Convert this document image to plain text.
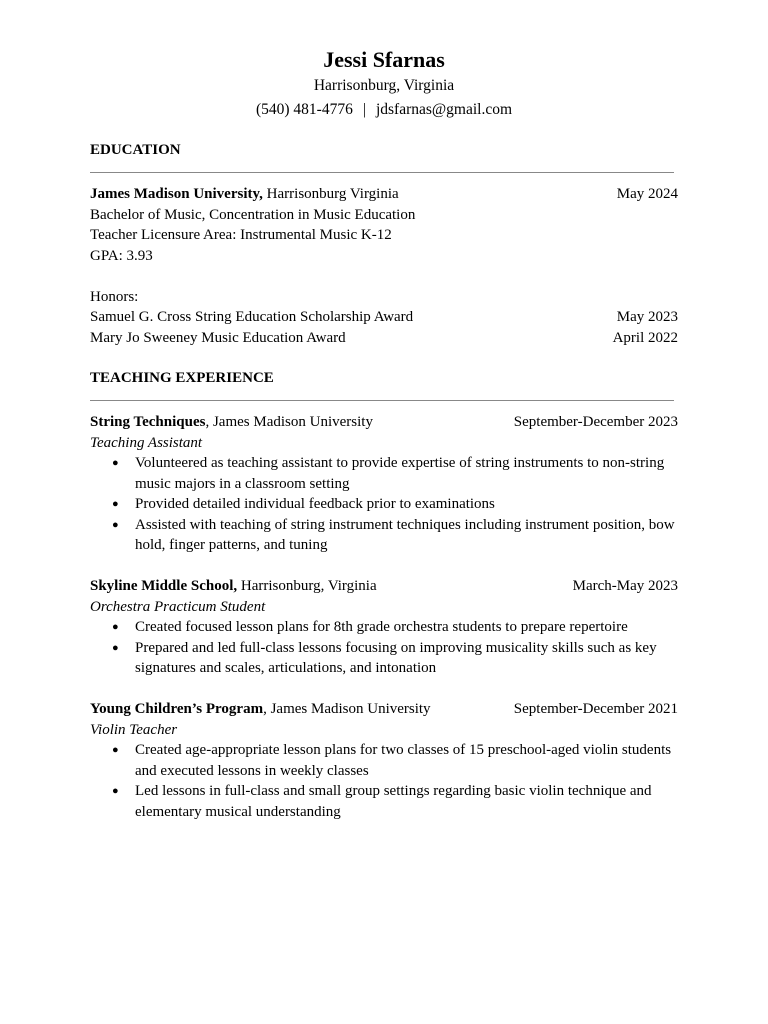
Jessi Sfarnas

Harrisonburg, Virginia

(540) 481-4776 | jdsfarnas@gmail.com

EDUCATION
James Madison University, Harrisonburg Virginia	May 2024
Bachelor of Music, Concentration in Music Education
Teacher Licensure Area: Instrumental Music K-12
GPA: 3.93
Honors:
Samuel G. Cross String Education Scholarship Award	May 2023
Mary Jo Sweeney Music Education Award	April 2022
TEACHING EXPERIENCE
String Techniques, James Madison University	September-December 2023
Teaching Assistant
● Volunteered as teaching assistant to provide expertise of string instruments to non-string music majors in a classroom setting
● Provided detailed individual feedback prior to examinations
● Assisted with teaching of string instrument techniques including instrument position, bow hold, finger patterns, and tuning
Skyline Middle School, Harrisonburg, Virginia	March-May 2023
Orchestra Practicum Student
● Created focused lesson plans for 8th grade orchestra students to prepare repertoire
● Prepared and led full-class lessons focusing on improving musicality skills such as key signatures and scales, articulations, and intonation
Young Children’s Program, James Madison University	September-December 2021
Violin Teacher
● Created age-appropriate lesson plans for two classes of 15 preschool-aged violin students and executed lessons in weekly classes
● Led lessons in full-class and small group settings regarding basic violin technique and elementary musical understanding
